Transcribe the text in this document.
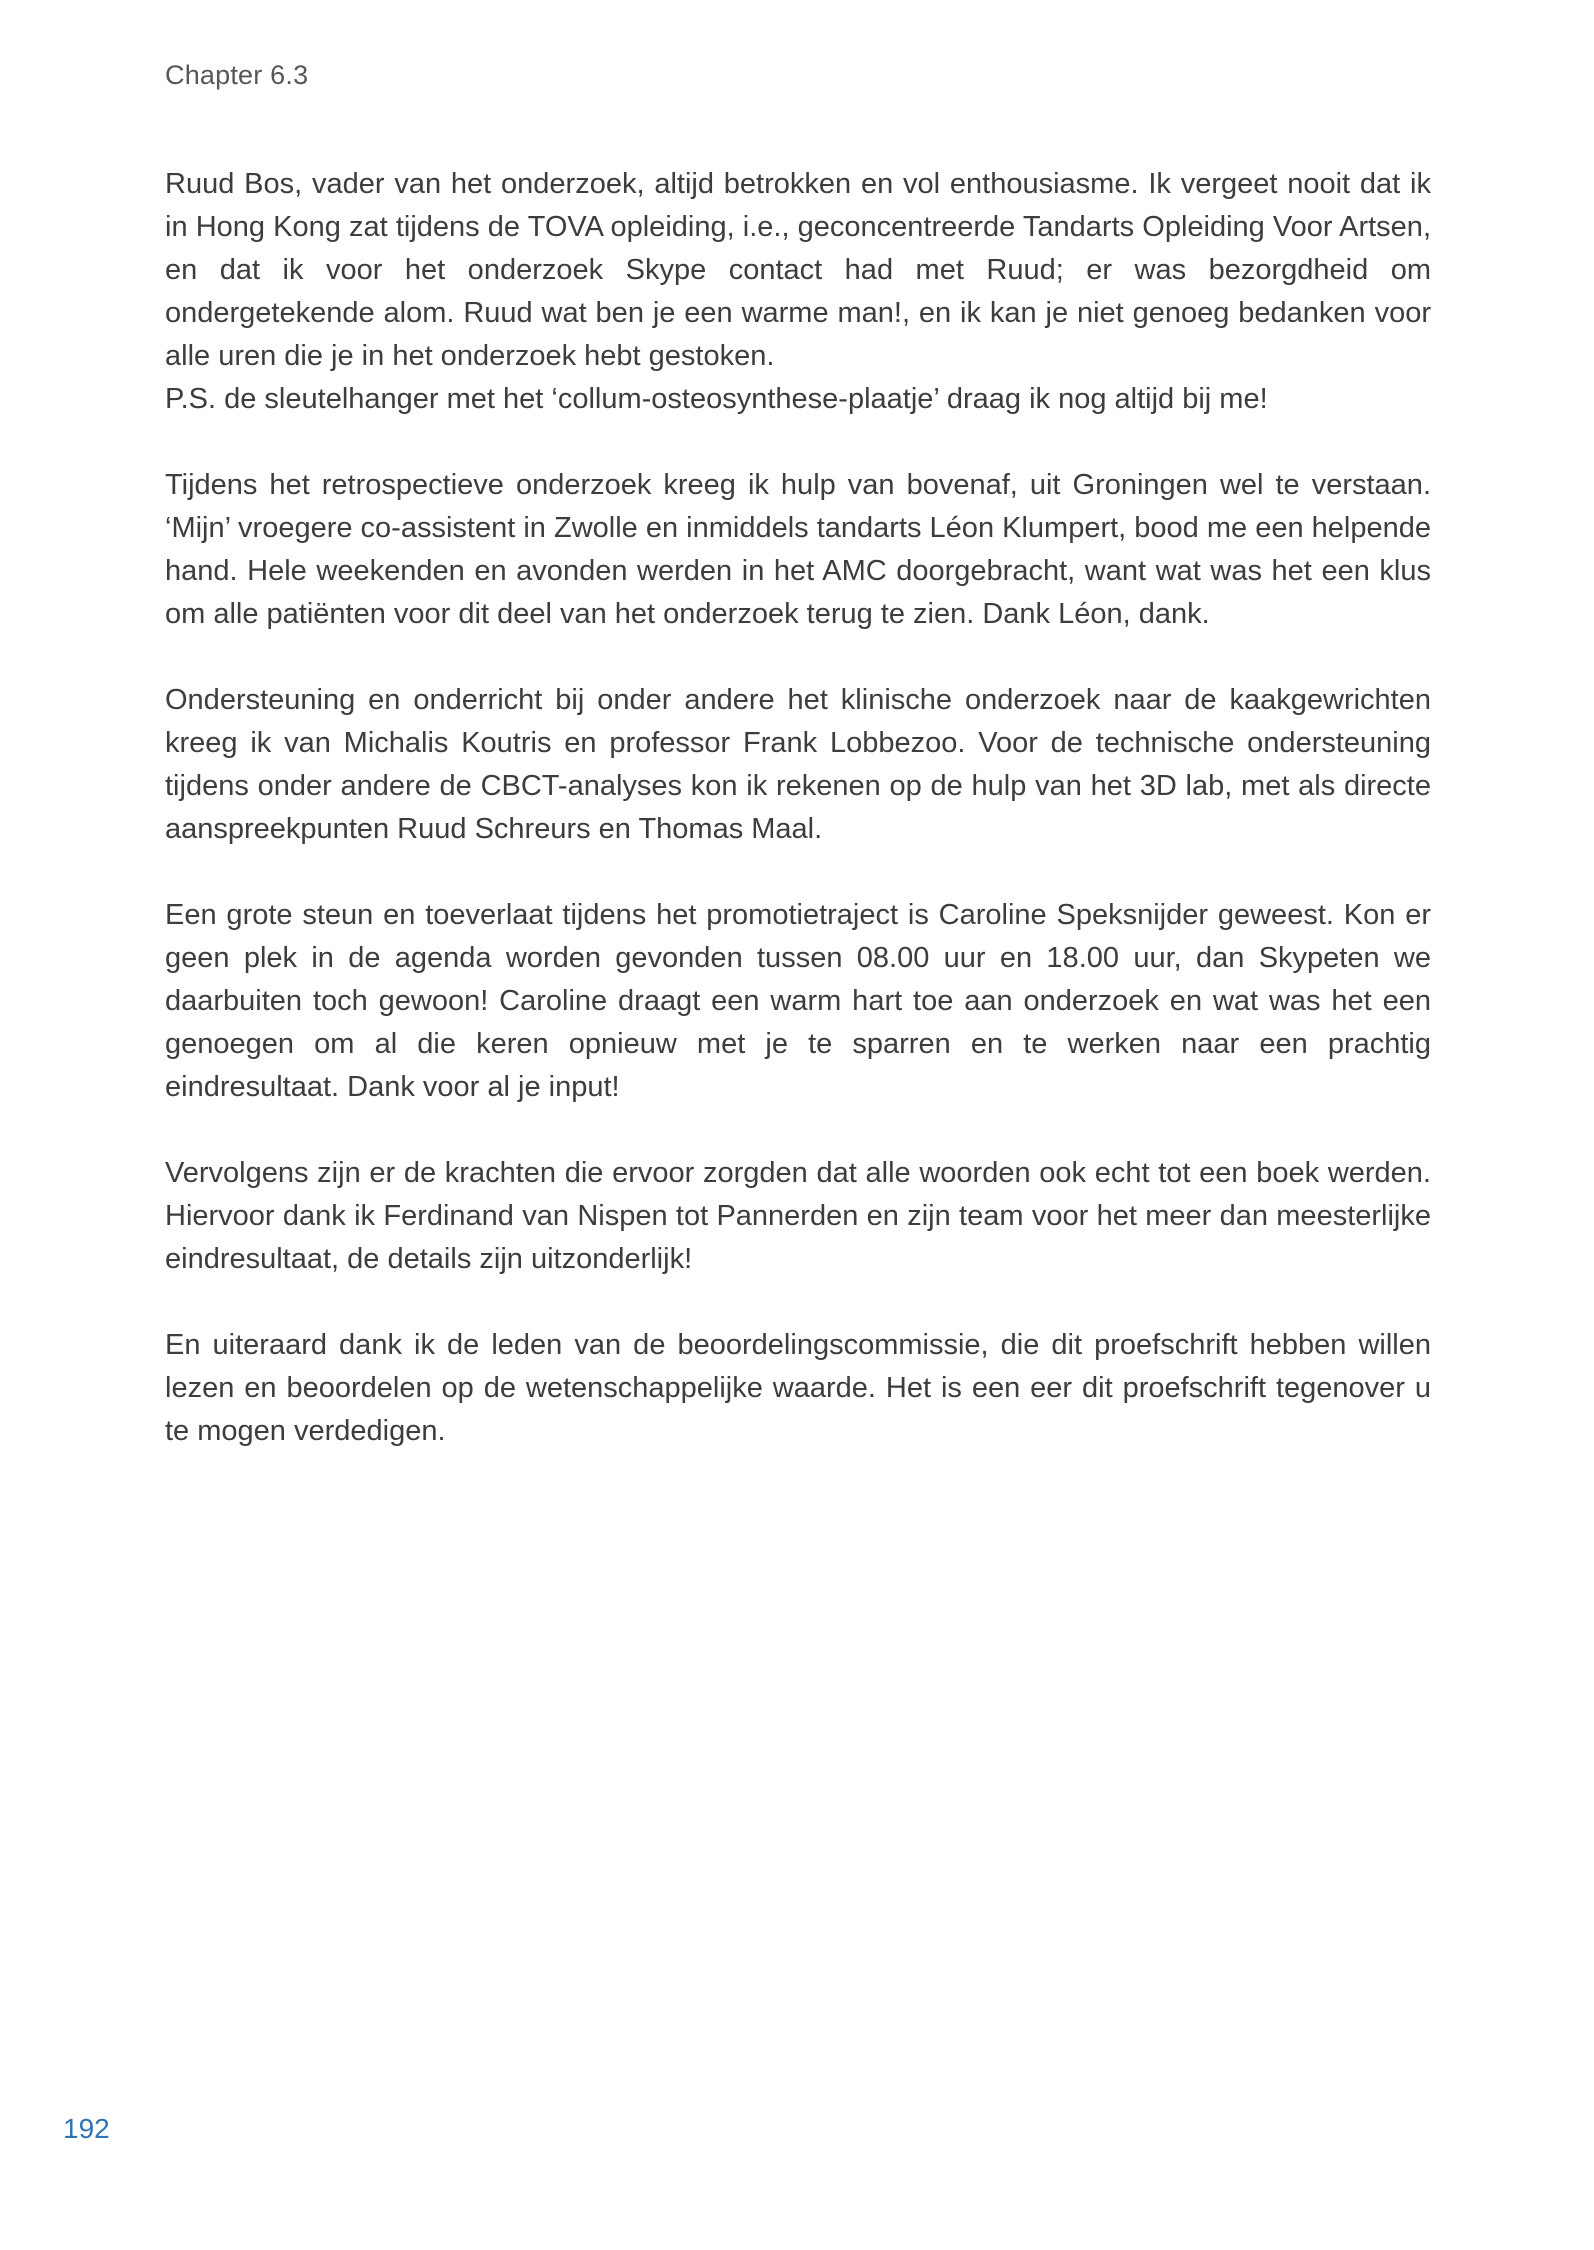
Chapter 6.3

Ruud Bos, vader van het onderzoek, altijd betrokken en vol enthousiasme. Ik vergeet nooit dat ik in Hong Kong zat tijdens de TOVA opleiding, i.e., geconcentreerde Tandarts Opleiding Voor Artsen, en dat ik voor het onderzoek Skype contact had met Ruud; er was bezorgdheid om ondergetekende alom. Ruud wat ben je een warme man!, en ik kan je niet genoeg bedanken voor alle uren die je in het onderzoek hebt gestoken.

P.S. de sleutelhanger met het ‘collum-osteosynthese-plaatje’ draag ik nog altijd bij me!

Tijdens het retrospectieve onderzoek kreeg ik hulp van bovenaf, uit Groningen wel te verstaan. ‘Mijn’ vroegere co-assistent in Zwolle en inmiddels tandarts Léon Klumpert, bood me een helpende hand. Hele weekenden en avonden werden in het AMC doorgebracht, want wat was het een klus om alle patiënten voor dit deel van het onderzoek terug te zien. Dank Léon, dank.

Ondersteuning en onderricht bij onder andere het klinische onderzoek naar de kaakgewrichten kreeg ik van Michalis Koutris en professor Frank Lobbezoo. Voor de technische ondersteuning tijdens onder andere de CBCT-analyses kon ik rekenen op de hulp van het 3D lab, met als directe aanspreekpunten Ruud Schreurs en Thomas Maal.

Een grote steun en toeverlaat tijdens het promotietraject is Caroline Speksnijder geweest. Kon er geen plek in de agenda worden gevonden tussen 08.00 uur en 18.00 uur, dan Skypeten we daarbuiten toch gewoon! Caroline draagt een warm hart toe aan onderzoek en wat was het een genoegen om al die keren opnieuw met je te sparren en te werken naar een prachtig eindresultaat. Dank voor al je input!

Vervolgens zijn er de krachten die ervoor zorgden dat alle woorden ook echt tot een boek werden. Hiervoor dank ik Ferdinand van Nispen tot Pannerden en zijn team voor het meer dan meesterlijke eindresultaat, de details zijn uitzonderlijk!

En uiteraard dank ik de leden van de beoordelingscommissie, die dit proefschrift hebben willen lezen en beoordelen op de wetenschappelijke waarde. Het is een eer dit proefschrift tegenover u te mogen verdedigen.

192
